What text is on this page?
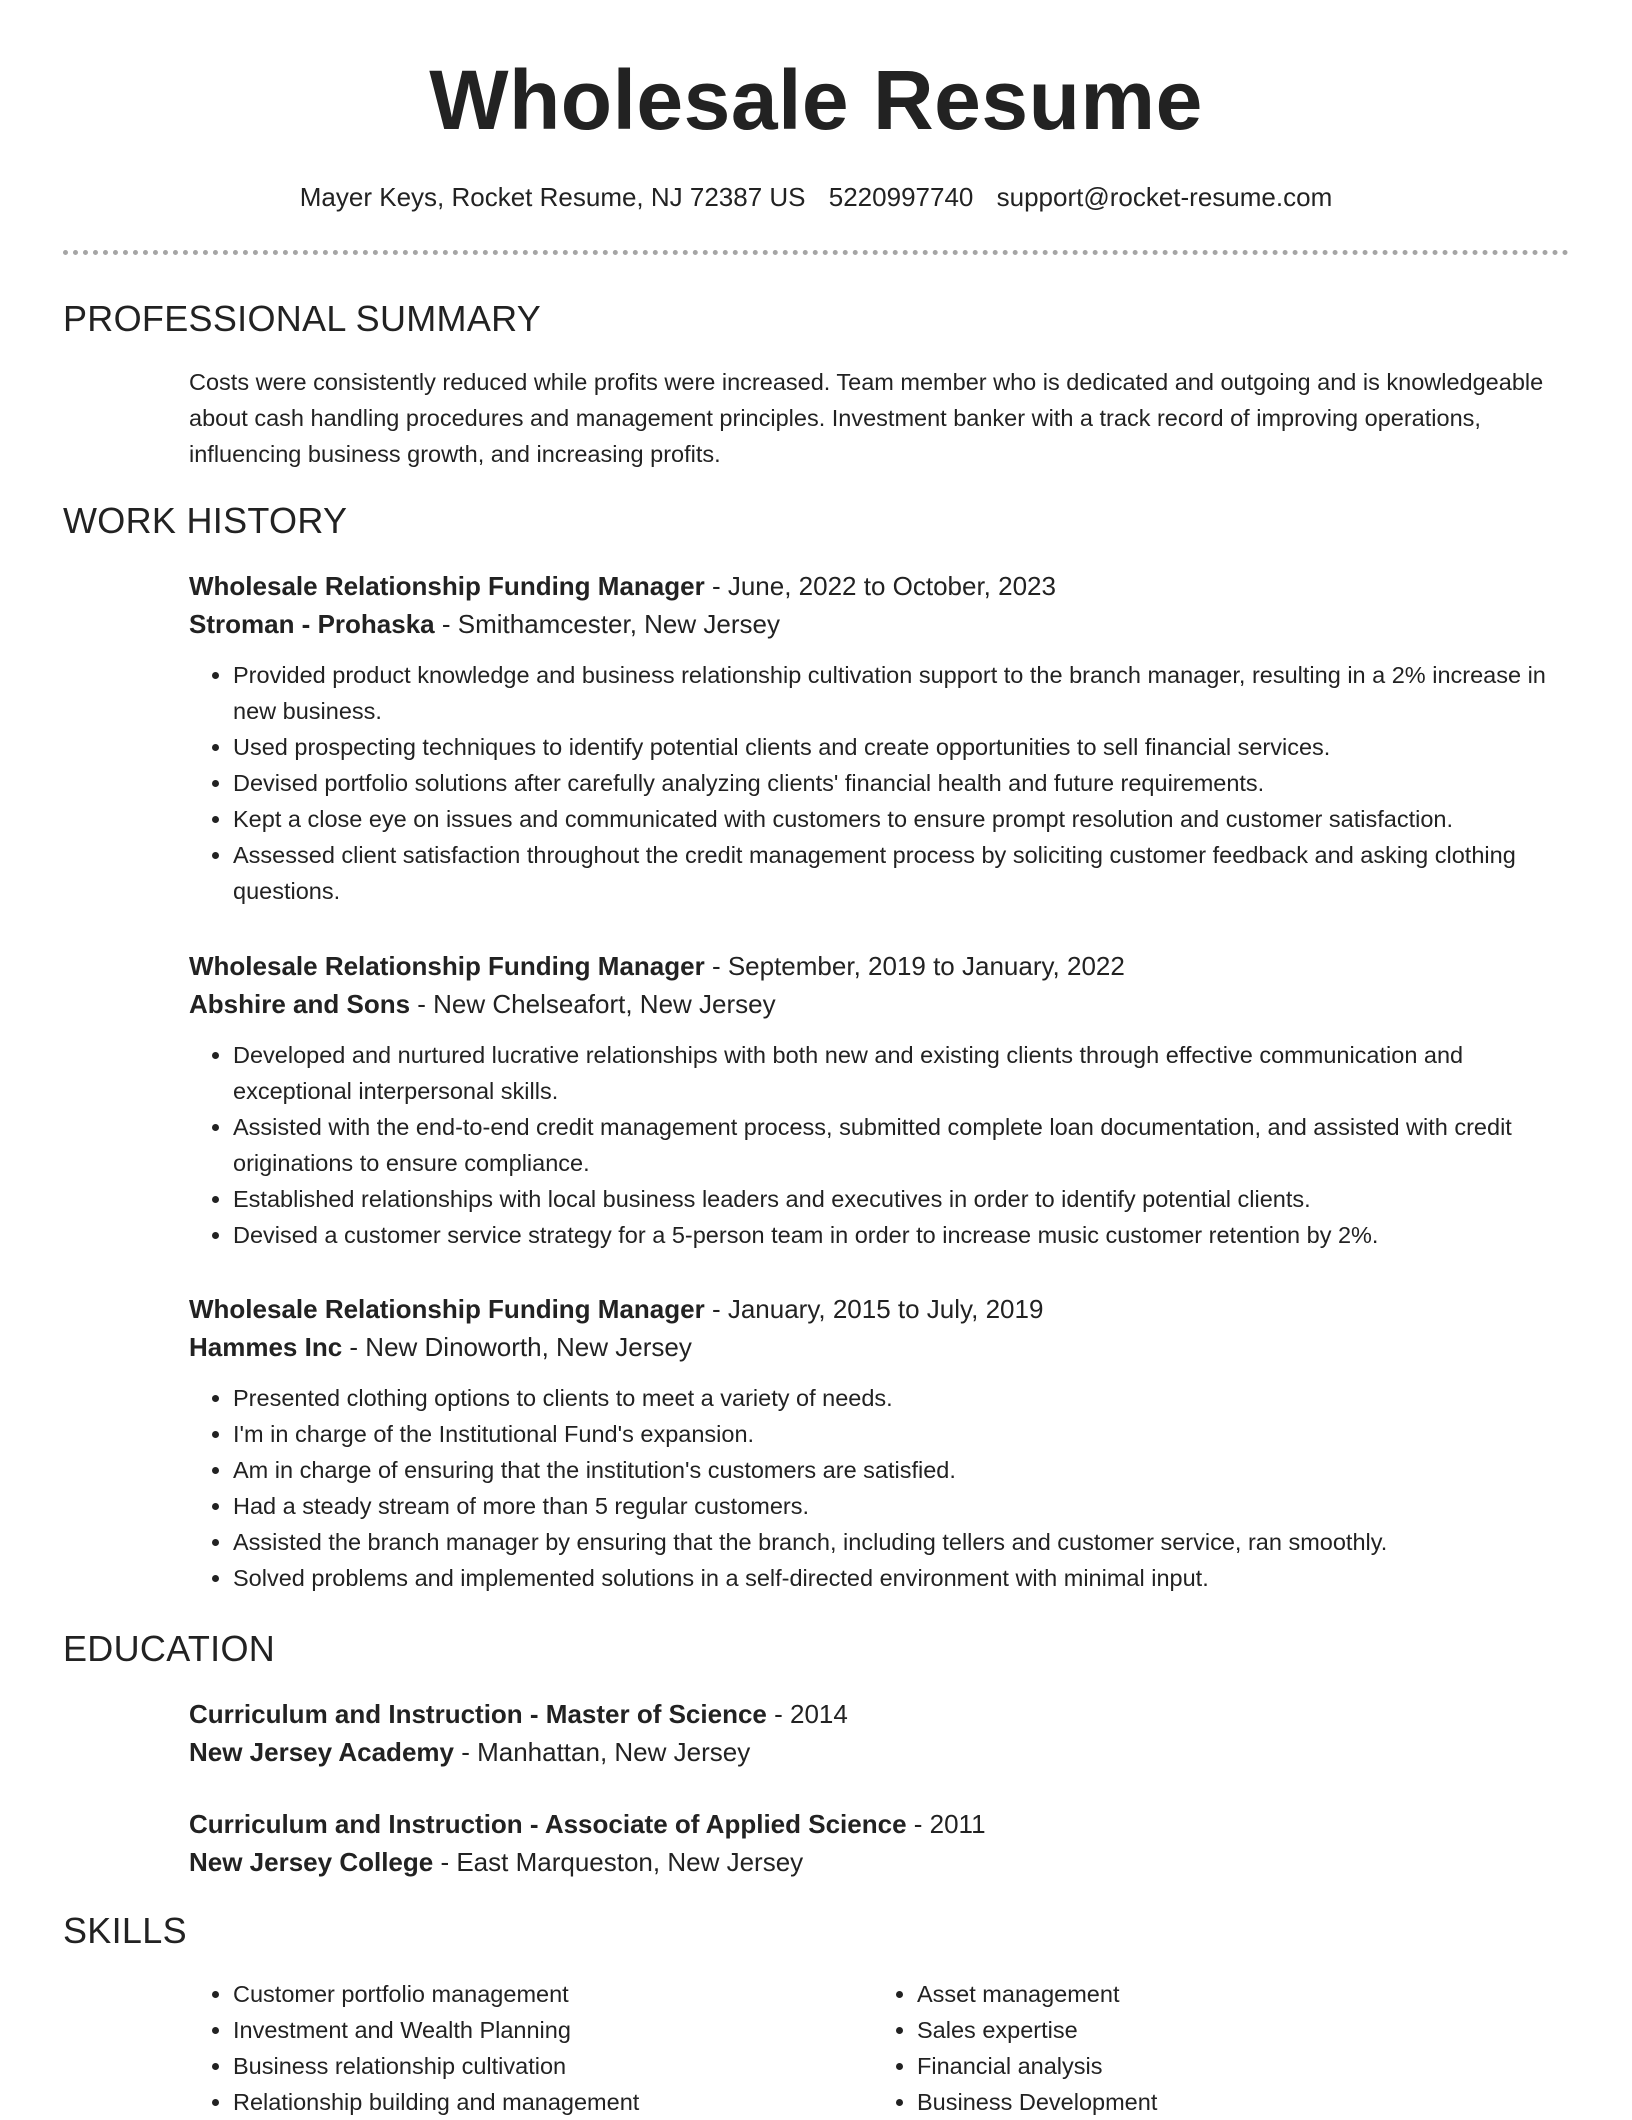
Wholesale Resume
Mayer Keys, Rocket Resume, NJ 72387 US 5220997740 support@rocket-resume.com
PROFESSIONAL SUMMARY

Costs were consistently reduced while profits were increased. Team member who is dedicated and outgoing and is knowledgeable about cash handling procedures and management principles. Investment banker with a track record of improving operations, influencing business growth, and increasing profits.

WORK HISTORY
Wholesale Relationship Funding Manager - June, 2022 to October, 2023
Stroman - Prohaska - Smithamcester, New Jersey
• Provided product knowledge and business relationship cultivation support to the branch manager, resulting in a 2% increase in new business.
• Used prospecting techniques to identify potential clients and create opportunities to sell financial services.
• Devised portfolio solutions after carefully analyzing clients' financial health and future requirements.
• Kept a close eye on issues and communicated with customers to ensure prompt resolution and customer satisfaction.
• Assessed client satisfaction throughout the credit management process by soliciting customer feedback and asking clothing questions.
Wholesale Relationship Funding Manager - September, 2019 to January, 2022
Abshire and Sons - New Chelseafort, New Jersey
• Developed and nurtured lucrative relationships with both new and existing clients through effective communication and exceptional interpersonal skills.
• Assisted with the end-to-end credit management process, submitted complete loan documentation, and assisted with credit originations to ensure compliance.
• Established relationships with local business leaders and executives in order to identify potential clients.
• Devised a customer service strategy for a 5-person team in order to increase music customer retention by 2%.
Wholesale Relationship Funding Manager - January, 2015 to July, 2019
Hammes Inc - New Dinoworth, New Jersey
• Presented clothing options to clients to meet a variety of needs.
• I'm in charge of the Institutional Fund's expansion.
• Am in charge of ensuring that the institution's customers are satisfied.
• Had a steady stream of more than 5 regular customers.
• Assisted the branch manager by ensuring that the branch, including tellers and customer service, ran smoothly.
• Solved problems and implemented solutions in a self-directed environment with minimal input.
EDUCATION
Curriculum and Instruction - Master of Science - 2014
New Jersey Academy - Manhattan, New Jersey
Curriculum and Instruction - Associate of Applied Science - 2011
New Jersey College - East Marqueston, New Jersey
SKILLS
• Customer portfolio management
• Investment and Wealth Planning
• Business relationship cultivation
• Relationship building and management
• Asset management
• Sales expertise
• Financial analysis
• Business Development
